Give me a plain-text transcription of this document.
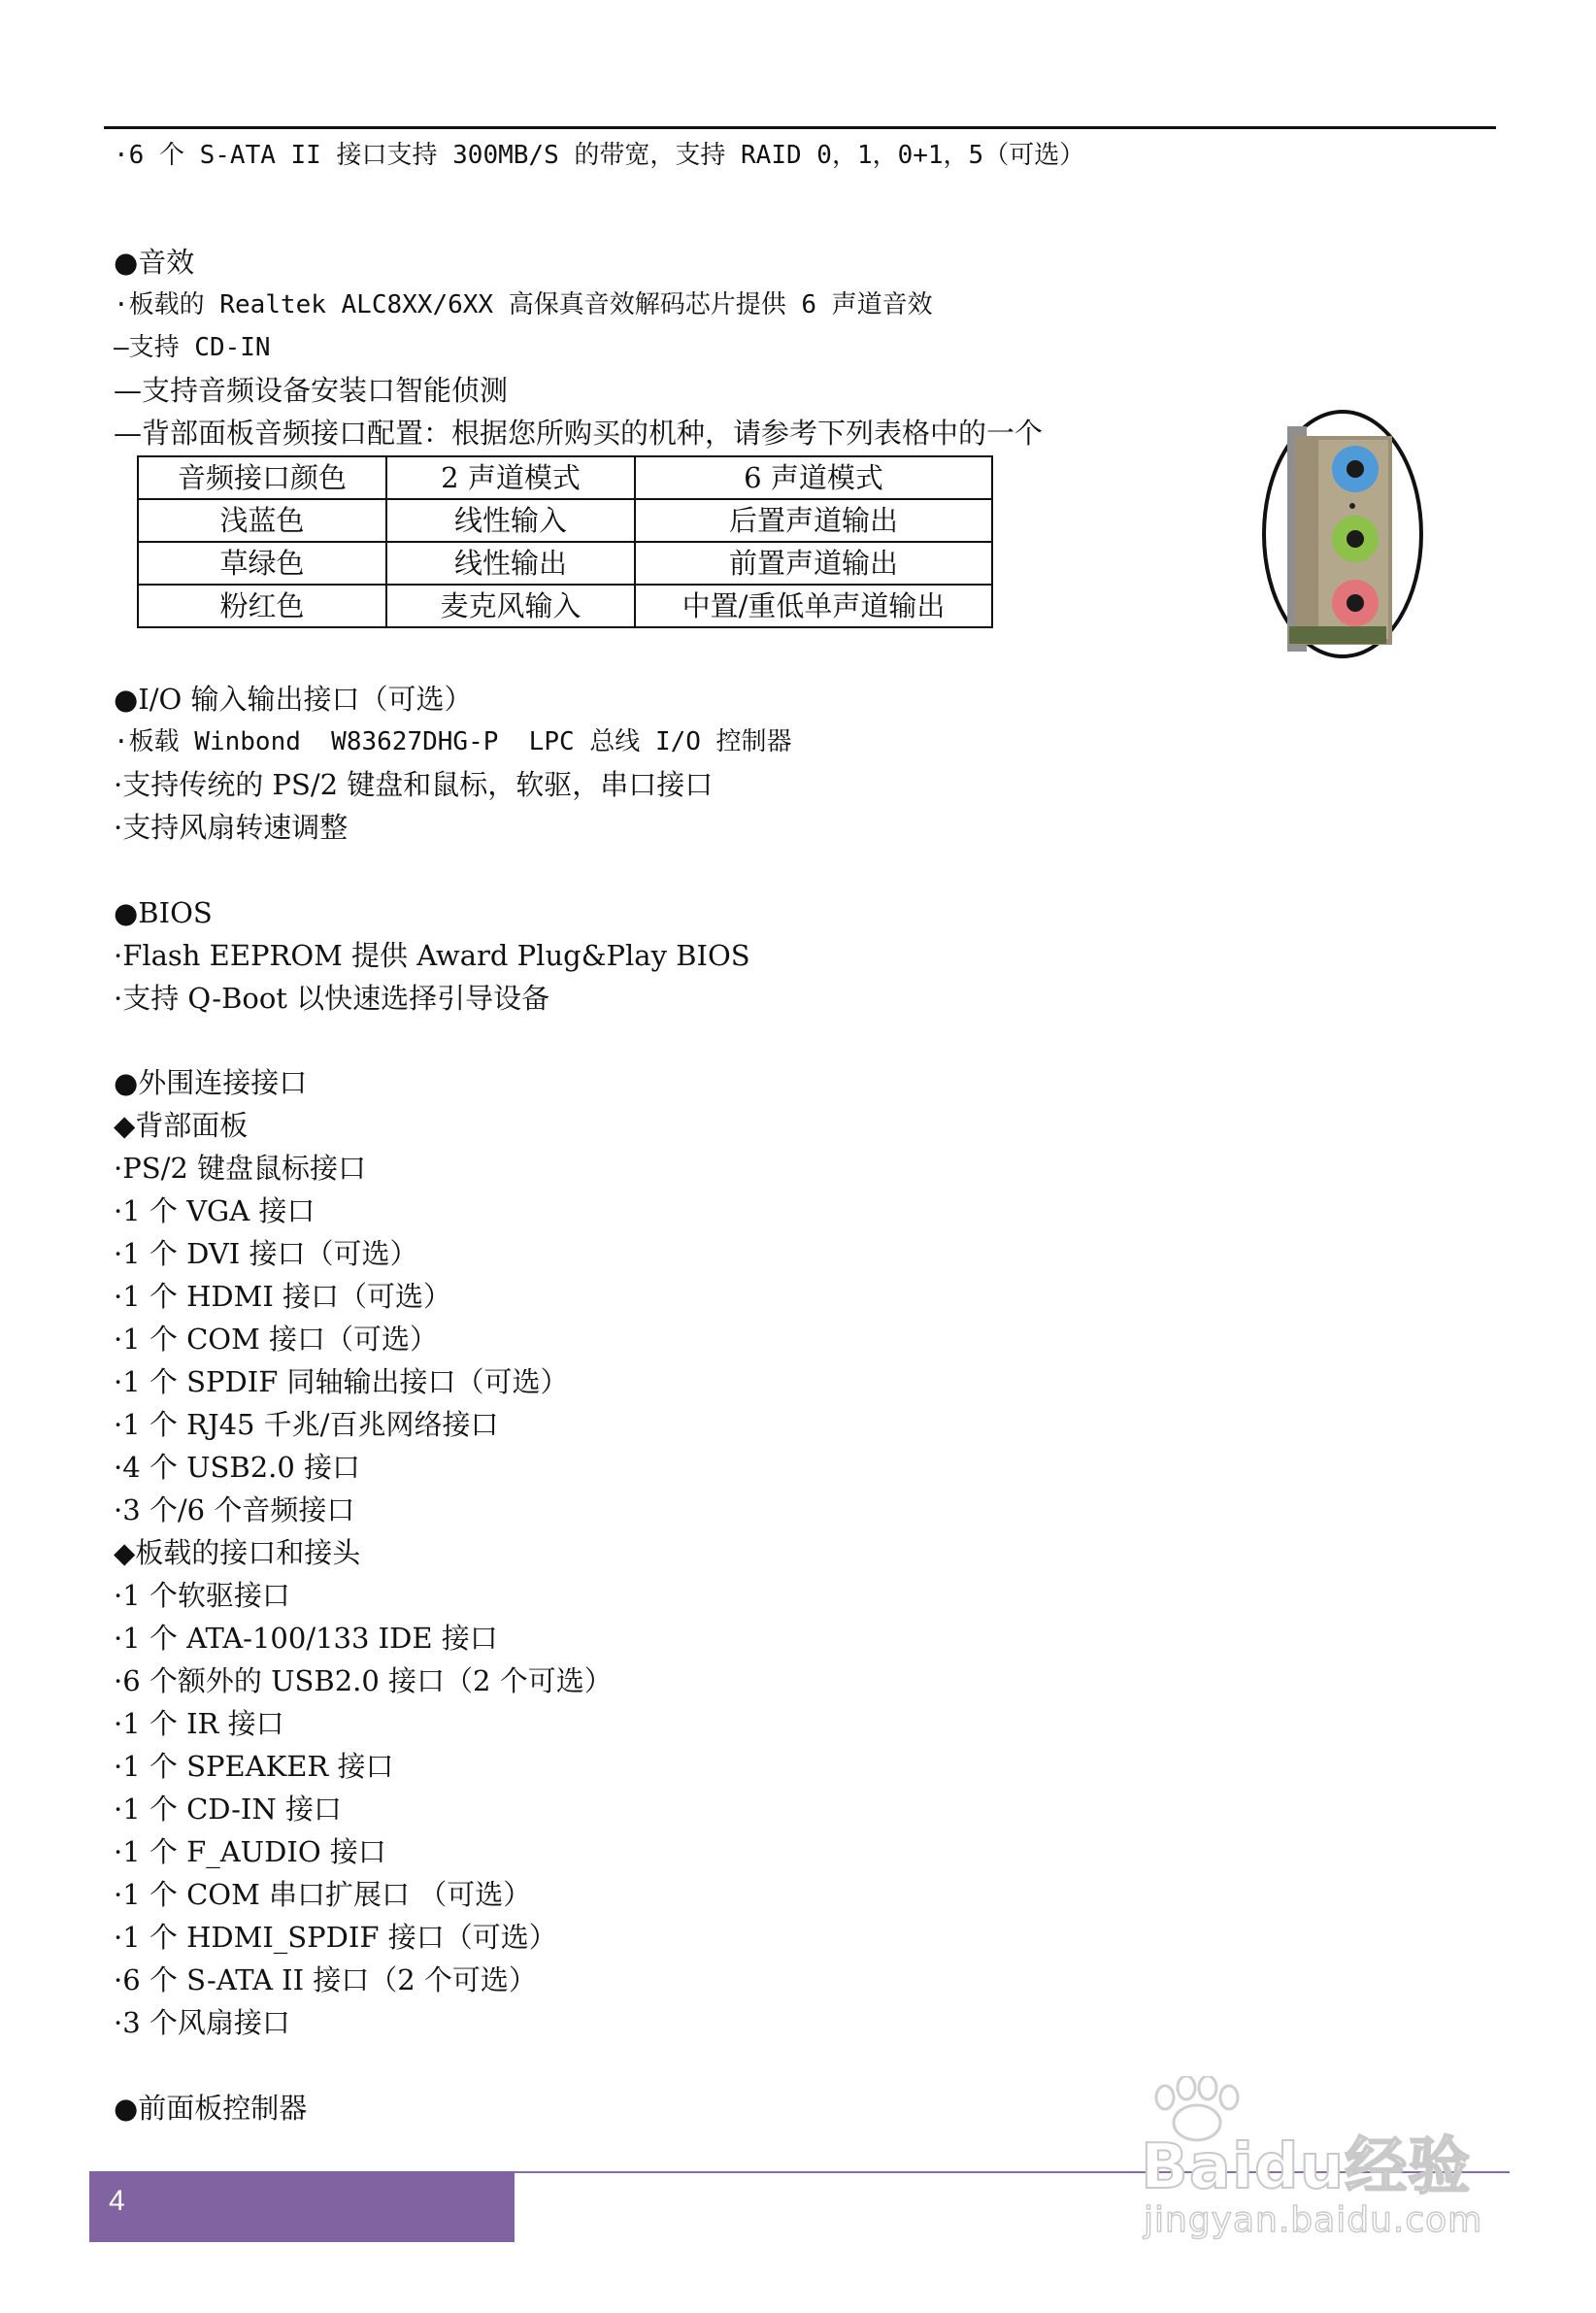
·6 个 S-ATA II 接口支持 300MB/S 的带宽，支持 RAID 0，1，0+1，5（可选）
●音效
·板载的 Realtek ALC8XX/6XX 高保真音效解码芯片提供 6 声道音效
—支持 CD-IN
—支持音频设备安装口智能侦测
—背部面板音频接口配置：根据您所购买的机种，请参考下列表格中的一个
音频接口颜色	2 声道模式	6 声道模式
浅蓝色	线性输入	后置声道输出
草绿色	线性输出	前置声道输出
粉红色	麦克风输入	中置/重低单声道输出
●I/O 输入输出接口（可选）
·板载 Winbond  W83627DHG-P  LPC 总线 I/O 控制器
·支持传统的 PS/2 键盘和鼠标，软驱，串口接口
·支持风扇转速调整
●BIOS
·Flash EEPROM 提供 Award Plug&Play BIOS
·支持 Q-Boot 以快速选择引导设备
●外围连接接口
◆背部面板
·PS/2 键盘鼠标接口
·1 个 VGA 接口
·1 个 DVI 接口（可选）
·1 个 HDMI 接口（可选）
·1 个 COM 接口（可选）
·1 个 SPDIF 同轴输出接口（可选）
·1 个 RJ45 千兆/百兆网络接口
·4 个 USB2.0 接口
·3 个/6 个音频接口
◆板载的接口和接头
·1 个软驱接口
·1 个 ATA-100/133 IDE 接口
·6 个额外的 USB2.0 接口（2 个可选）
·1 个 IR 接口
·1 个 SPEAKER 接口
·1 个 CD-IN 接口
·1 个 F_AUDIO 接口
·1 个 COM 串口扩展口 （可选）
·1 个 HDMI_SPDIF 接口（可选）
·6 个 S-ATA II 接口（2 个可选）
·3 个风扇接口
●前面板控制器
4	Baidu经验
jingyan.baidu.com
